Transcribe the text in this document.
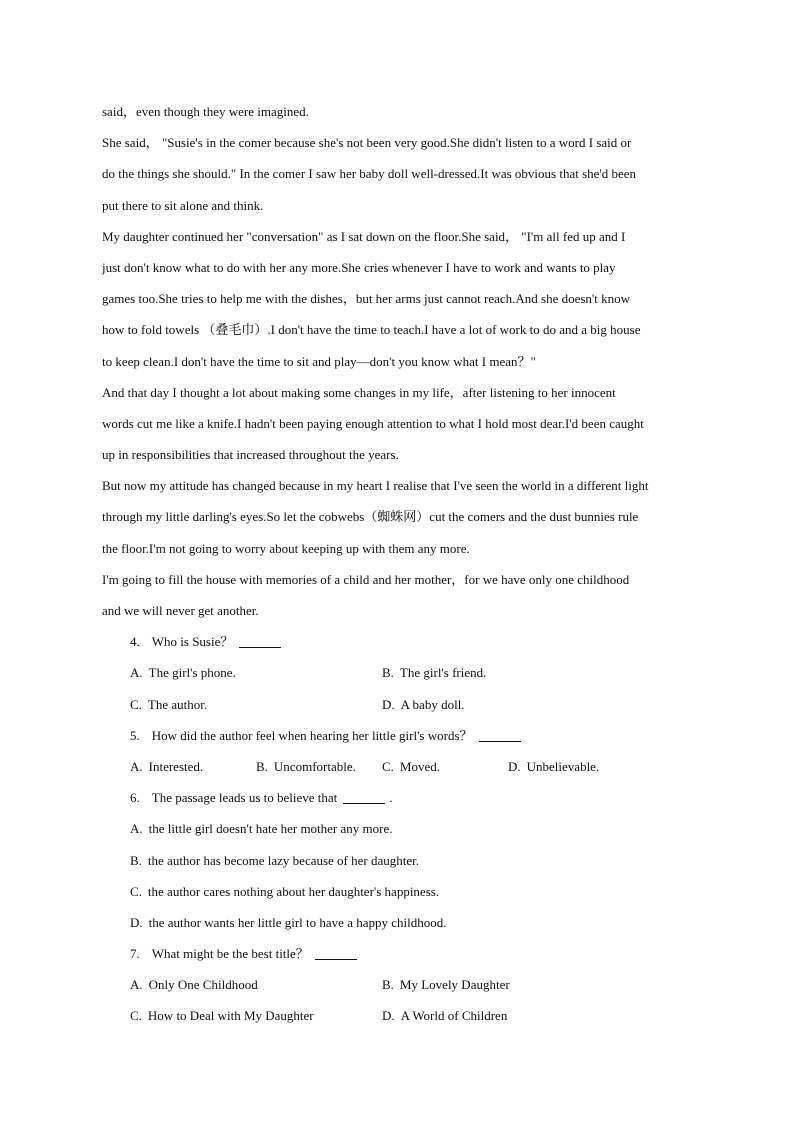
said，even though they were imagined.
She said， "Susie's in the comer because she's not been very good.She didn't listen to a word I said or
do the things she should." In the comer I saw her baby doll well-dressed.It was obvious that she'd been
put there to sit alone and think.
My daughter continued her "conversation" as I sat down on the floor.She said， "I'm all fed up and I
just don't know what to do with her any more.She cries whenever I have to work and wants to play
games too.She tries to help me with the dishes，but her arms just cannot reach.And she doesn't know
how to fold towels （叠毛巾）.I don't have the time to teach.I have a lot of work to do and a big house
to keep clean.I don't have the time to sit and play—don't you know what I mean？"
And that day I thought a lot about making some changes in my life，after listening to her innocent
words cut me like a knife.I hadn't been paying enough attention to what I hold most dear.I'd been caught
up in responsibilities that increased throughout the years.
But now my attitude has changed because in my heart I realise that I've seen the world in a different light
through my little darling's eyes.So let the cobwebs（蜘蛛网）cut the comers and the dust bunnies rule
the floor.I'm not going to worry about keeping up with them any more.
I'm going to fill the house with memories of a child and her mother，for we have only one childhood
and we will never get another.
4. Who is Susie？
A. The girl's phone.	B. The girl's friend.
C. The author.	D. A baby doll.
5. How did the author feel when hearing her little girl's words？
A. Interested.	B. Uncomfortable.	C. Moved.	D. Unbelievable.
6. The passage leads us to believe that	.
A. the little girl doesn't hate her mother any more.
B. the author has become lazy because of her daughter.
C. the author cares nothing about her daughter's happiness.
D. the author wants her little girl to have a happy childhood.
7. What might be the best title？
A. Only One Childhood	B. My Lovely Daughter
C. How to Deal with My Daughter	D. A World of Children
